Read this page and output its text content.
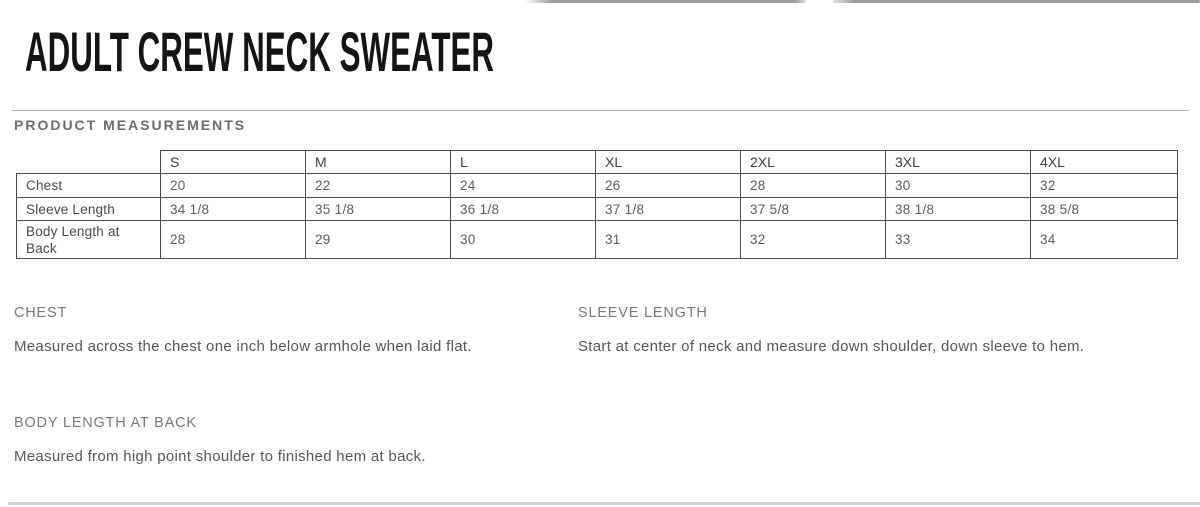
ADULT CREW NECK SWEATER
PRODUCT MEASUREMENTS
	S	M	L	XL	2XL	3XL	4XL

Chest	20	22	24	26	28	30	32

Sleeve Length	34 1/8	35 1/8	36 1/8	37 1/8	37 5/8	38 1/8	38 5/8

Body Length at Back	28	29	30	31	32	33	34
CHEST
Measured across the chest one inch below armhole when laid flat.
SLEEVE LENGTH
Start at center of neck and measure down shoulder, down sleeve to hem.
BODY LENGTH AT BACK
Measured from high point shoulder to finished hem at back.
